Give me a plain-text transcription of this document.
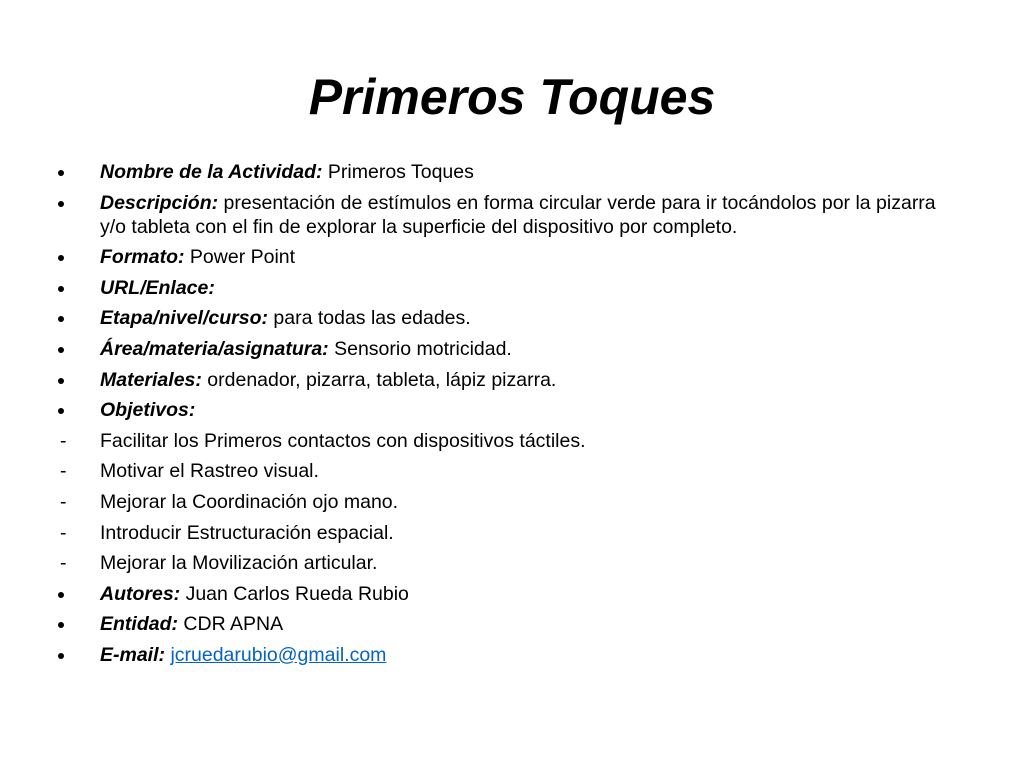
Primeros Toques
Nombre de la Actividad: Primeros Toques
Descripción: presentación de estímulos en forma circular verde para ir tocándolos por la pizarra y/o tableta con el fin de explorar la superficie del dispositivo por completo.
Formato: Power Point
URL/Enlace:
Etapa/nivel/curso: para todas las edades.
Área/materia/asignatura: Sensorio motricidad.
Materiales: ordenador, pizarra, tableta, lápiz pizarra.
Objetivos:
- Facilitar los Primeros contactos con dispositivos táctiles.
- Motivar el Rastreo visual.
- Mejorar la Coordinación ojo mano.
- Introducir Estructuración espacial.
- Mejorar la Movilización articular.
Autores: Juan Carlos Rueda Rubio
Entidad: CDR APNA
E-mail: jcruedarubio@gmail.com
